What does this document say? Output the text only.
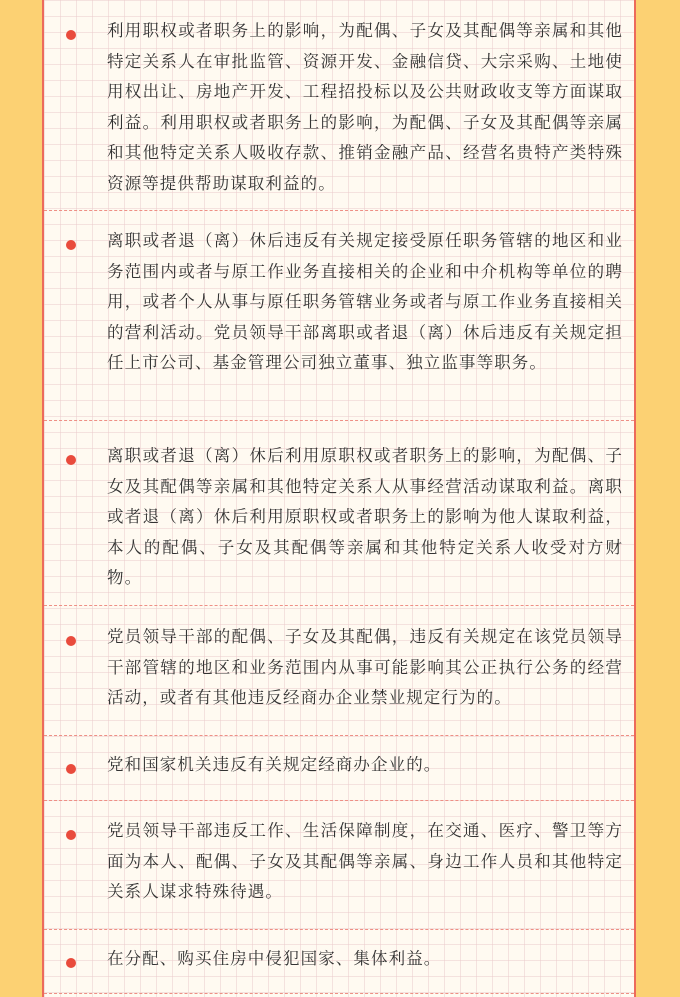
利用职权或者职务上的影响，为配偶、子女及其配偶等亲属和其他特定关系人在审批监管、资源开发、金融信贷、大宗采购、土地使用权出让、房地产开发、工程招投标以及公共财政收支等方面谋取利益。利用职权或者职务上的影响，为配偶、子女及其配偶等亲属和其他特定关系人吸收存款、推销金融产品、经营名贵特产类特殊资源等提供帮助谋取利益的。

离职或者退（离）休后违反有关规定接受原任职务管辖的地区和业务范围内或者与原工作业务直接相关的企业和中介机构等单位的聘用，或者个人从事与原任职务管辖业务或者与原工作业务直接相关的营利活动。党员领导干部离职或者退（离）休后违反有关规定担任上市公司、基金管理公司独立董事、独立监事等职务。

离职或者退（离）休后利用原职权或者职务上的影响，为配偶、子女及其配偶等亲属和其他特定关系人从事经营活动谋取利益。离职或者退（离）休后利用原职权或者职务上的影响为他人谋取利益，本人的配偶、子女及其配偶等亲属和其他特定关系人收受对方财物。

党员领导干部的配偶、子女及其配偶，违反有关规定在该党员领导干部管辖的地区和业务范围内从事可能影响其公正执行公务的经营活动，或者有其他违反经商办企业禁业规定行为的。

党和国家机关违反有关规定经商办企业的。

党员领导干部违反工作、生活保障制度，在交通、医疗、警卫等方面为本人、配偶、子女及其配偶等亲属、身边工作人员和其他特定关系人谋求特殊待遇。

在分配、购买住房中侵犯国家、集体利益。
